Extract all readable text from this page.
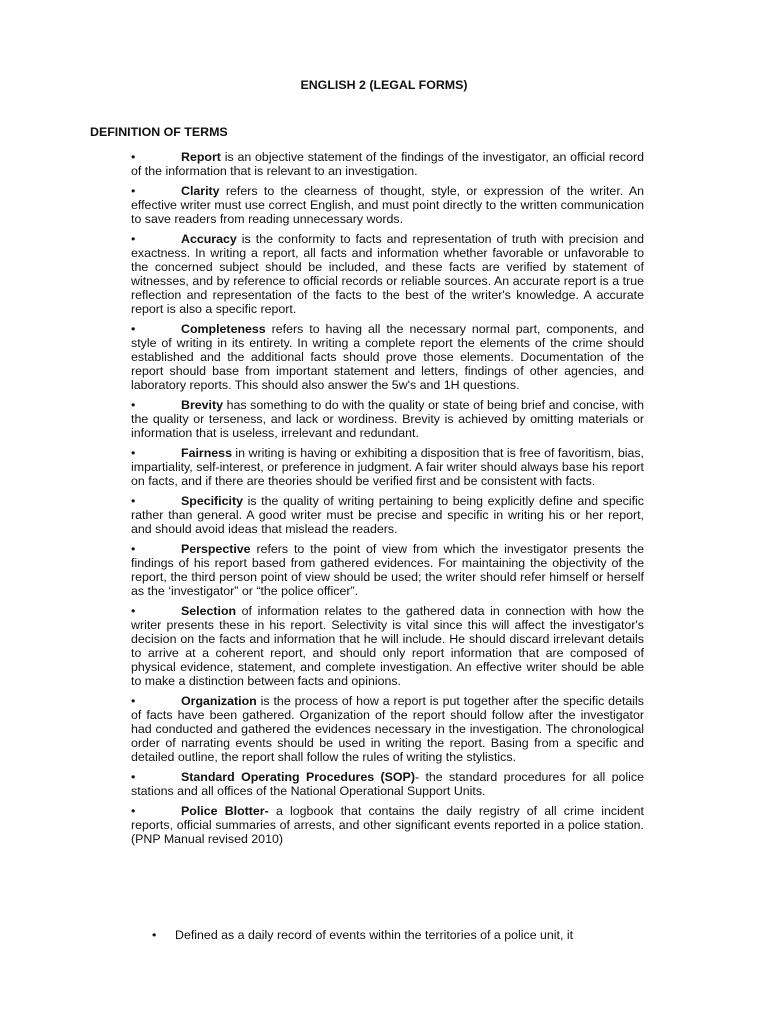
ENGLISH 2 (LEGAL FORMS)
DEFINITION OF TERMS

•	Report is an objective statement of the findings of the investigator, an official record of the information that is relevant to an investigation.

•	Clarity refers to the clearness of thought, style, or expression of the writer. An effective writer must use correct English, and must point directly to the written communication to save readers from reading unnecessary words.

•	Accuracy is the conformity to facts and representation of truth with precision and exactness. In writing a report, all facts and information whether favorable or unfavorable to the concerned subject should be included, and these facts are verified by statement of witnesses, and by reference to official records or reliable sources. An accurate report is a true reflection and representation of the facts to the best of the writer's knowledge. A accurate report is also a specific report.

•	Completeness refers to having all the necessary normal part, components, and style of writing in its entirety. In writing a complete report the elements of the crime should established and the additional facts should prove those elements. Documentation of the report should base from important statement and letters, findings of other agencies, and laboratory reports. This should also answer the 5w's and 1H questions.

•	Brevity has something to do with the quality or state of being brief and concise, with the quality or terseness, and lack or wordiness. Brevity is achieved by omitting materials or information that is useless, irrelevant and redundant.

•	Fairness in writing is having or exhibiting a disposition that is free of favoritism, bias, impartiality, self-interest, or preference in judgment. A fair writer should always base his report on facts, and if there are theories should be verified first and be consistent with facts.

•	Specificity is the quality of writing pertaining to being explicitly define and specific rather than general. A good writer must be precise and specific in writing his or her report, and should avoid ideas that mislead the readers.

•	Perspective refers to the point of view from which the investigator presents the findings of his report based from gathered evidences. For maintaining the objectivity of the report, the third person point of view should be used; the writer should refer himself or herself as the ‘investigator” or “the police officer”.

•	Selection of information relates to the gathered data in connection with how the writer presents these in his report. Selectivity is vital since this will affect the investigator's decision on the facts and information that he will include. He should discard irrelevant details to arrive at a coherent report, and should only report information that are composed of physical evidence, statement, and complete investigation. An effective writer should be able to make a distinction between facts and opinions.

•	Organization is the process of how a report is put together after the specific details of facts have been gathered. Organization of the report should follow after the investigator had conducted and gathered the evidences necessary in the investigation. The chronological order of narrating events should be used in writing the report. Basing from a specific and detailed outline, the report shall follow the rules of writing the stylistics.

•	Standard Operating Procedures (SOP)- the standard procedures for all police stations and all offices of the National Operational Support Units.

•	Police Blotter- a logbook that contains the daily registry of all crime incident reports, official summaries of arrests, and other significant events reported in a police station. (PNP Manual revised 2010)

• Defined as a daily record of events within the territories of a police unit, it
